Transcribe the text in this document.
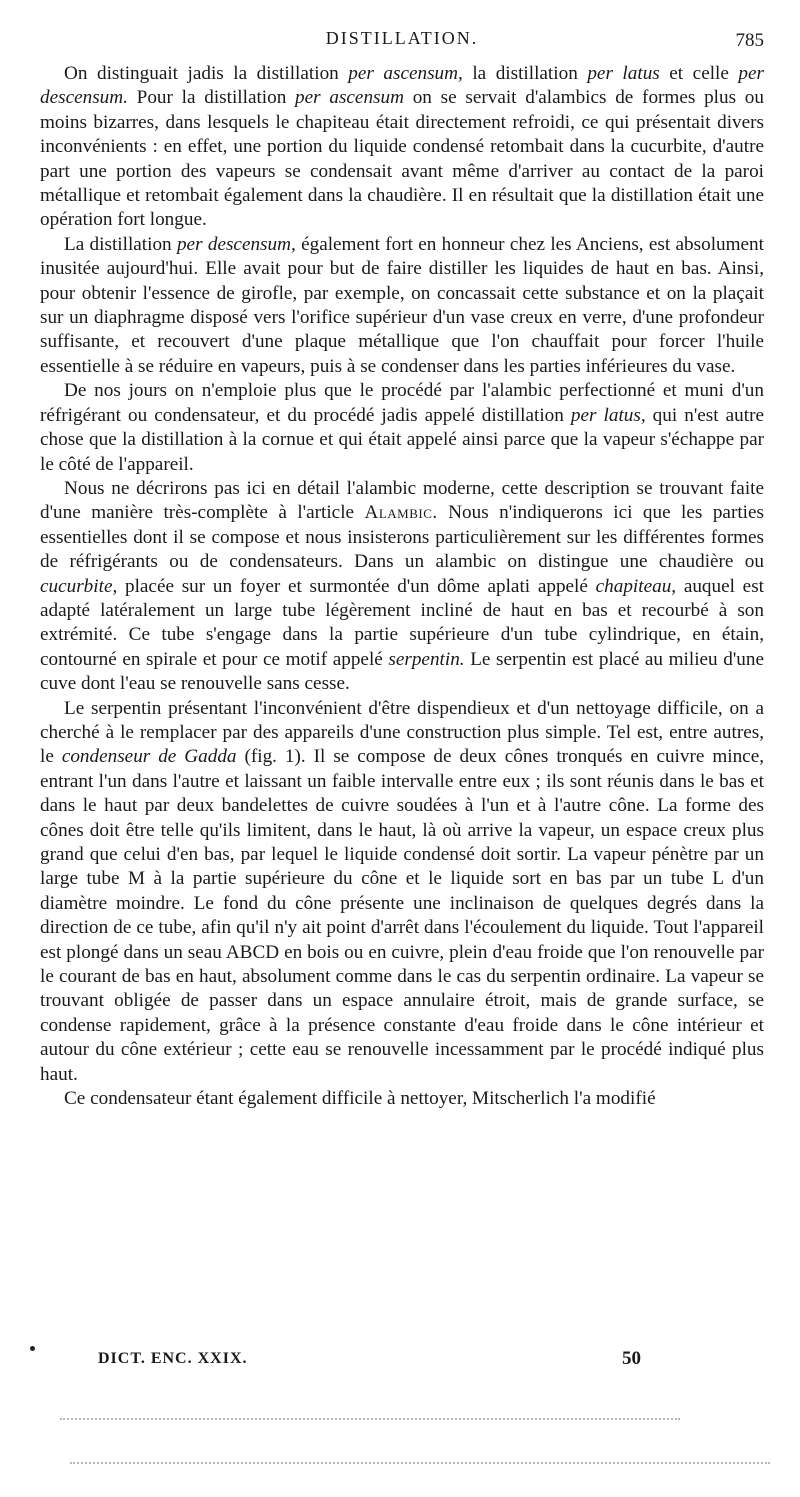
DISTILLATION.	785

On distinguait jadis la distillation per ascensum, la distillation per latus et celle per descensum. Pour la distillation per ascensum on se servait d'alambics de formes plus ou moins bizarres, dans lesquels le chapiteau était directement refroidi, ce qui présentait divers inconvénients : en effet, une portion du liquide condensé retombait dans la cucurbite, d'autre part une portion des vapeurs se condensait avant même d'arriver au contact de la paroi métallique et retombait également dans la chaudière. Il en résultait que la distillation était une opération fort longue.

La distillation per descensum, également fort en honneur chez les Anciens, est absolument inusitée aujourd'hui. Elle avait pour but de faire distiller les liquides de haut en bas. Ainsi, pour obtenir l'essence de girofle, par exemple, on concassait cette substance et on la plaçait sur un diaphragme disposé vers l'orifice supérieur d'un vase creux en verre, d'une profondeur suffisante, et recouvert d'une plaque métallique que l'on chauffait pour forcer l'huile essentielle à se réduire en vapeurs, puis à se condenser dans les parties inférieures du vase.

De nos jours on n'emploie plus que le procédé par l'alambic perfectionné et muni d'un réfrigérant ou condensateur, et du procédé jadis appelé distillation per latus, qui n'est autre chose que la distillation à la cornue et qui était appelé ainsi parce que la vapeur s'échappe par le côté de l'appareil.

Nous ne décrirons pas ici en détail l'alambic moderne, cette description se trouvant faite d'une manière très-complète à l'article Alambic. Nous n'indiquerons ici que les parties essentielles dont il se compose et nous insisterons particulièrement sur les différentes formes de réfrigérants ou de condensateurs. Dans un alambic on distingue une chaudière ou cucurbite, placée sur un foyer et surmontée d'un dôme aplati appelé chapiteau, auquel est adapté latéralement un large tube légèrement incliné de haut en bas et recourbé à son extrémité. Ce tube s'engage dans la partie supérieure d'un tube cylindrique, en étain, contourné en spirale et pour ce motif appelé serpentin. Le serpentin est placé au milieu d'une cuve dont l'eau se renouvelle sans cesse.

Le serpentin présentant l'inconvénient d'être dispendieux et d'un nettoyage difficile, on a cherché à le remplacer par des appareils d'une construction plus simple. Tel est, entre autres, le condenseur de Gadda (fig. 1). Il se compose de deux cônes tronqués en cuivre mince, entrant l'un dans l'autre et laissant un faible intervalle entre eux ; ils sont réunis dans le bas et dans le haut par deux bandelettes de cuivre soudées à l'un et à l'autre cône. La forme des cônes doit être telle qu'ils limitent, dans le haut, là où arrive la vapeur, un espace creux plus grand que celui d'en bas, par lequel le liquide condensé doit sortir. La vapeur pénètre par un large tube M à la partie supérieure du cône et le liquide sort en bas par un tube L d'un diamètre moindre. Le fond du cône présente une inclinaison de quelques degrés dans la direction de ce tube, afin qu'il n'y ait point d'arrêt dans l'écoulement du liquide. Tout l'appareil est plongé dans un seau ABCD en bois ou en cuivre, plein d'eau froide que l'on renouvelle par le courant de bas en haut, absolument comme dans le cas du serpentin ordinaire. La vapeur se trouvant obligée de passer dans un espace annulaire étroit, mais de grande surface, se condense rapidement, grâce à la présence constante d'eau froide dans le cône intérieur et autour du cône extérieur ; cette eau se renouvelle incessamment par le procédé indiqué plus haut.

Ce condensateur étant également difficile à nettoyer, Mitscherlich l'a modifié

DICT. ENC. XXIX.	50
